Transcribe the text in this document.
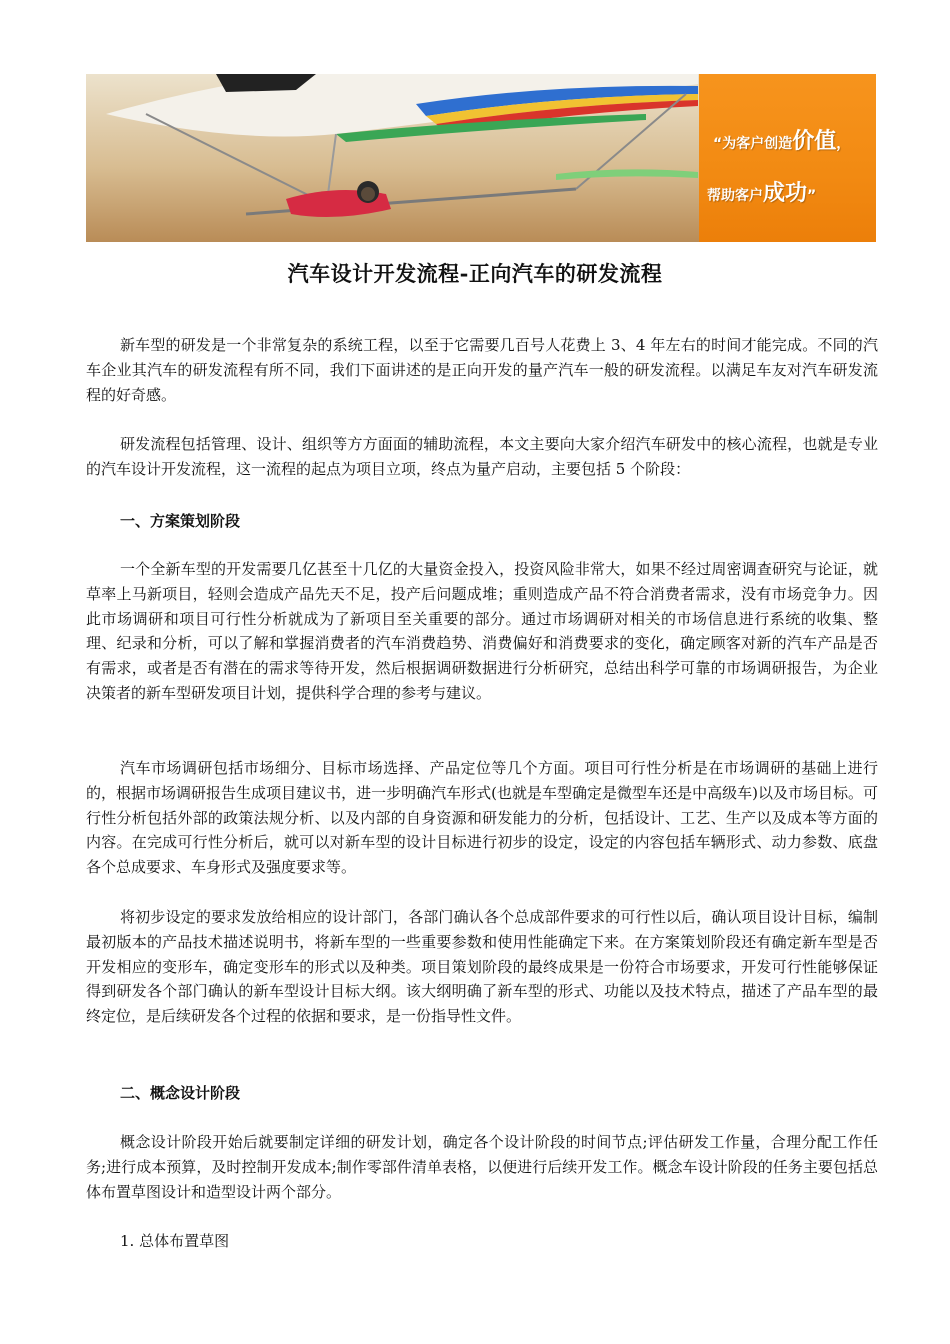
“为客户创造价值，
帮助客户成功”
汽车设计开发流程-正向汽车的研发流程

新车型的研发是一个非常复杂的系统工程，以至于它需要几百号人花费上 3、4 年左右的时间才能完成。不同的汽车企业其汽车的研发流程有所不同，我们下面讲述的是正向开发的量产汽车一般的研发流程。以满足车友对汽车研发流程的好奇感。

研发流程包括管理、设计、组织等方方面面的辅助流程，本文主要向大家介绍汽车研发中的核心流程，也就是专业的汽车设计开发流程，这一流程的起点为项目立项，终点为量产启动，主要包括 5 个阶段：

一、方案策划阶段

一个全新车型的开发需要几亿甚至十几亿的大量资金投入，投资风险非常大，如果不经过周密调查研究与论证，就草率上马新项目，轻则会造成产品先天不足，投产后问题成堆；重则造成产品不符合消费者需求，没有市场竞争力。因此市场调研和项目可行性分析就成为了新项目至关重要的部分。通过市场调研对相关的市场信息进行系统的收集、整理、纪录和分析，可以了解和掌握消费者的汽车消费趋势、消费偏好和消费要求的变化，确定顾客对新的汽车产品是否有需求，或者是否有潜在的需求等待开发，然后根据调研数据进行分析研究，总结出科学可靠的市场调研报告，为企业决策者的新车型研发项目计划，提供科学合理的参考与建议。

汽车市场调研包括市场细分、目标市场选择、产品定位等几个方面。项目可行性分析是在市场调研的基础上进行的，根据市场调研报告生成项目建议书，进一步明确汽车形式(也就是车型确定是微型车还是中高级车)以及市场目标。可行性分析包括外部的政策法规分析、以及内部的自身资源和研发能力的分析，包括设计、工艺、生产以及成本等方面的内容。在完成可行性分析后，就可以对新车型的设计目标进行初步的设定，设定的内容包括车辆形式、动力参数、底盘各个总成要求、车身形式及强度要求等。

将初步设定的要求发放给相应的设计部门，各部门确认各个总成部件要求的可行性以后，确认项目设计目标，编制最初版本的产品技术描述说明书，将新车型的一些重要参数和使用性能确定下来。在方案策划阶段还有确定新车型是否开发相应的变形车，确定变形车的形式以及种类。项目策划阶段的最终成果是一份符合市场要求，开发可行性能够保证得到研发各个部门确认的新车型设计目标大纲。该大纲明确了新车型的形式、功能以及技术特点，描述了产品车型的最终定位，是后续研发各个过程的依据和要求，是一份指导性文件。

二、概念设计阶段

概念设计阶段开始后就要制定详细的研发计划，确定各个设计阶段的时间节点;评估研发工作量，合理分配工作任务;进行成本预算，及时控制开发成本;制作零部件清单表格，以便进行后续开发工作。概念车设计阶段的任务主要包括总体布置草图设计和造型设计两个部分。

1. 总体布置草图
